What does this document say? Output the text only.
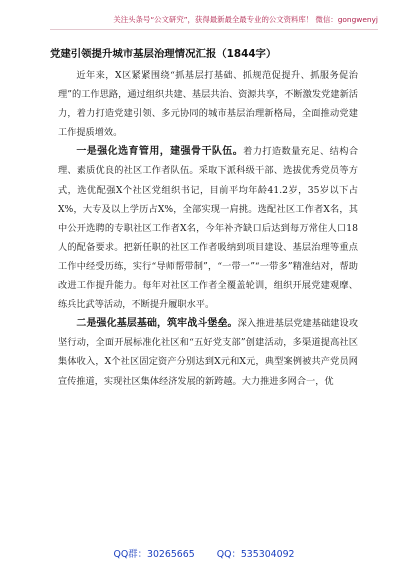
关注头条号“公文研究”，获得最新最全最专业的公文资料库！ 微信：gongwenyj
党建引领提升城市基层治理情况汇报（1844字）

近年来，X区紧紧围绕“抓基层打基础、抓规范促提升、抓服务促治理”的工作思路，通过组织共建、基层共治、资源共享，不断激发党建新活力，着力打造党建引领、多元协同的城市基层治理新格局，全面推动党建工作提质增效。

一是强化选育管用，建强骨干队伍。着力打造数量充足、结构合理、素质优良的社区工作者队伍。采取下派科级干部、选拔优秀党员等方式，选优配强X个社区党组织书记，目前平均年龄41.2岁，35岁以下占X%，大专及以上学历占X%，全部实现一肩挑。选配社区工作者X名，其中公开选聘的专职社区工作者X名，今年补齐缺口后达到每万常住人口18人的配备要求。把新任职的社区工作者吸纳到项目建设、基层治理等重点工作中经受历练，实行“导师帮带制”，“一带一”“一带多”精准结对，帮助改进工作提升能力。每年对社区工作者全覆盖轮训，组织开展党建观摩、练兵比武等活动，不断提升履职水平。

二是强化基层基础，筑牢战斗堡垒。深入推进基层党建基础建设攻坚行动，全面开展标准化社区和“五好党支部”创建活动，多渠道提高社区集体收入，X个社区固定资产分别达到X元和X元，典型案例被共产党员网宣传推道，实现社区集体经济发展的新跨越。大力推进多网合一，优

QQ群：30265665 QQ：535304092
